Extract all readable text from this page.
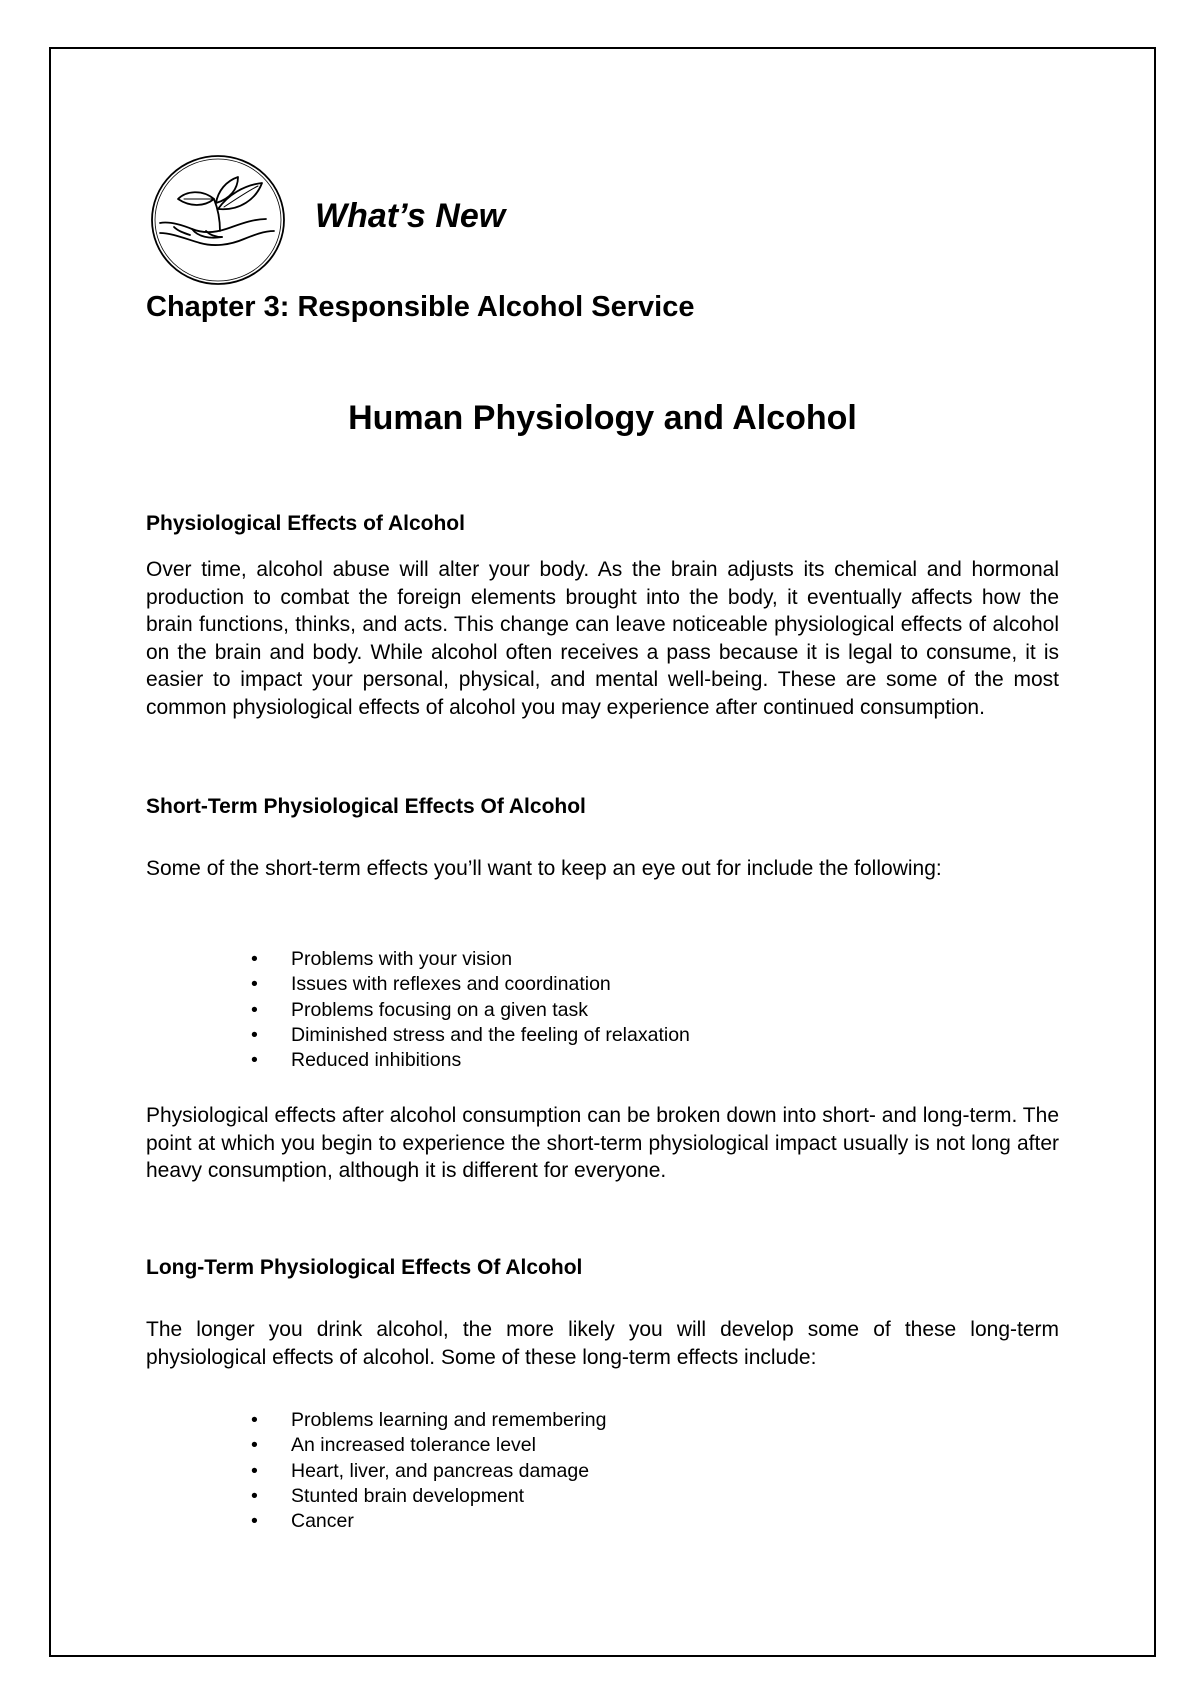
What’s New
Chapter 3: Responsible Alcohol Service
Human Physiology and Alcohol
Physiological Effects of Alcohol

Over time, alcohol abuse will alter your body. As the brain adjusts its chemical and hormonal production to combat the foreign elements brought into the body, it eventually affects how the brain functions, thinks, and acts. This change can leave noticeable physiological effects of alcohol on the brain and body. While alcohol often receives a pass because it is legal to consume, it is easier to impact your personal, physical, and mental well-being. These are some of the most common physiological effects of alcohol you may experience after continued consumption.

Short-Term Physiological Effects Of Alcohol

Some of the short-term effects you’ll want to keep an eye out for include the following:

• Problems with your vision
• Issues with reflexes and coordination
• Problems focusing on a given task
• Diminished stress and the feeling of relaxation
• Reduced inhibitions

Physiological effects after alcohol consumption can be broken down into short- and long-term. The point at which you begin to experience the short-term physiological impact usually is not long after heavy consumption, although it is different for everyone.

Long-Term Physiological Effects Of Alcohol

The longer you drink alcohol, the more likely you will develop some of these long-term physiological effects of alcohol. Some of these long-term effects include:

• Problems learning and remembering
• An increased tolerance level
• Heart, liver, and pancreas damage
• Stunted brain development
• Cancer
